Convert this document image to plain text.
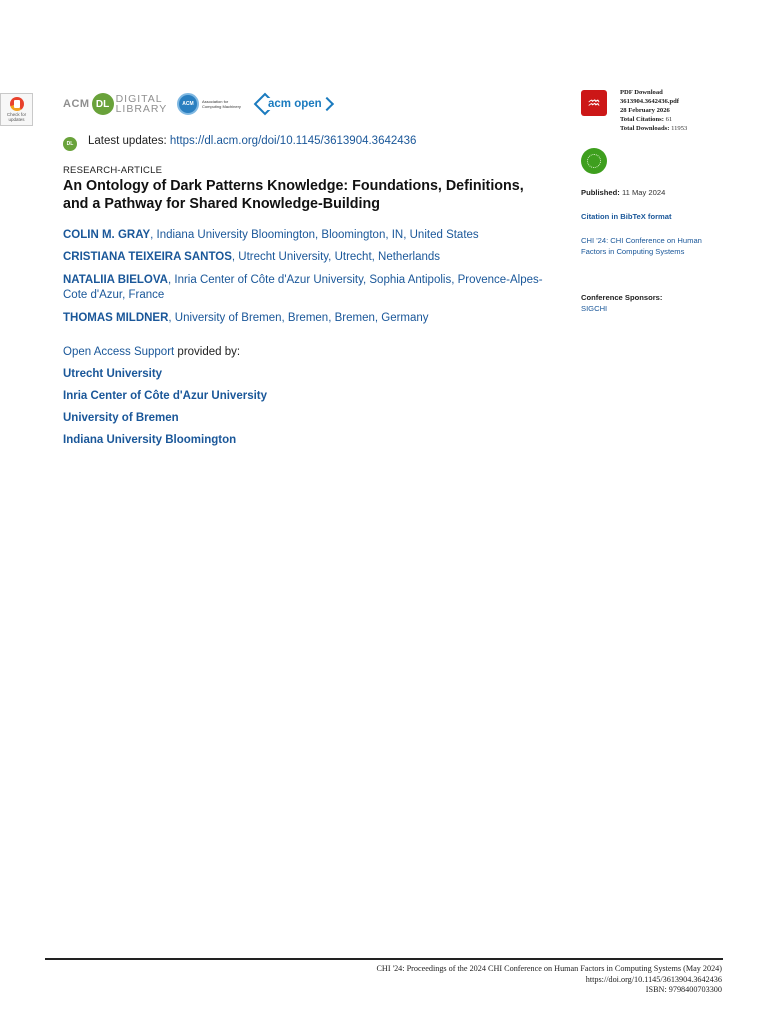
Check for updates
ACM DL DIGITAL
LIBRARY	ACM	Association for Computing Machinery	acm open
DL	Latest updates: https://dl.acm.org/doi/10.1145/3613904.3642436
RESEARCH-ARTICLE
An Ontology of Dark Patterns Knowledge: Foundations, Definitions, and a Pathway for Shared Knowledge-Building
COLIN M. GRAY, Indiana University Bloomington, Bloomington, IN, United States
CRISTIANA TEIXEIRA SANTOS, Utrecht University, Utrecht, Netherlands
NATALIIA BIELOVA, Inria Center of Côte d'Azur University, Sophia Antipolis, Provence-Alpes-Cote d'Azur, France
THOMAS MILDNER, University of Bremen, Bremen, Bremen, Germany
Open Access Support provided by:
Utrecht University
Inria Center of Côte d'Azur University
University of Bremen
Indiana University Bloomington
♒
PDF Download
3613904.3642436.pdf
28 February 2026
Total Citations: 61
Total Downloads: 11953
Published: 11 May 2024
Citation in BibTeX format
CHI '24: CHI Conference on Human Factors in Computing Systems
Conference Sponsors:
SIGCHI
CHI '24: Proceedings of the 2024 CHI Conference on Human Factors in Computing Systems (May 2024)
https://doi.org/10.1145/3613904.3642436
ISBN: 9798400703300
